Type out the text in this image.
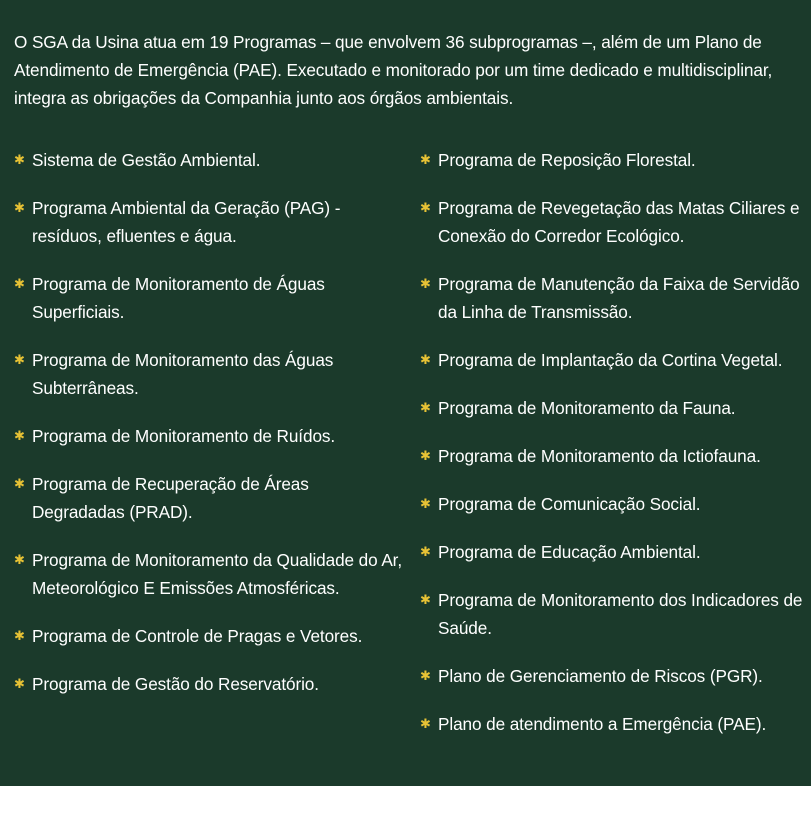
O SGA da Usina atua em 19 Programas – que envolvem 36 subprogramas –, além de um Plano de Atendimento de Emergência (PAE). Executado e monitorado por um time dedicado e multidisciplinar, integra as obrigações da Companhia junto aos órgãos ambientais.

✱ Sistema de Gestão Ambiental.
✱ Programa Ambiental da Geração (PAG) - resíduos, efluentes e água.
✱ Programa de Monitoramento de Águas Superficiais.
✱ Programa de Monitoramento das Águas Subterrâneas.
✱ Programa de Monitoramento de Ruídos.
✱ Programa de Recuperação de Áreas Degradadas (PRAD).
✱ Programa de Monitoramento da Qualidade do Ar, Meteorológico E Emissões Atmosféricas.
✱ Programa de Controle de Pragas e Vetores.
✱ Programa de Gestão do Reservatório.
✱ Programa de Reposição Florestal.
✱ Programa de Revegetação das Matas Ciliares e Conexão do Corredor Ecológico.
✱ Programa de Manutenção da Faixa de Servidão da Linha de Transmissão.
✱ Programa de Implantação da Cortina Vegetal.
✱ Programa de Monitoramento da Fauna.
✱ Programa de Monitoramento da Ictiofauna.
✱ Programa de Comunicação Social.
✱ Programa de Educação Ambiental.
✱ Programa de Monitoramento dos Indicadores de Saúde.
✱ Plano de Gerenciamento de Riscos (PGR).
✱ Plano de atendimento a Emergência (PAE).
